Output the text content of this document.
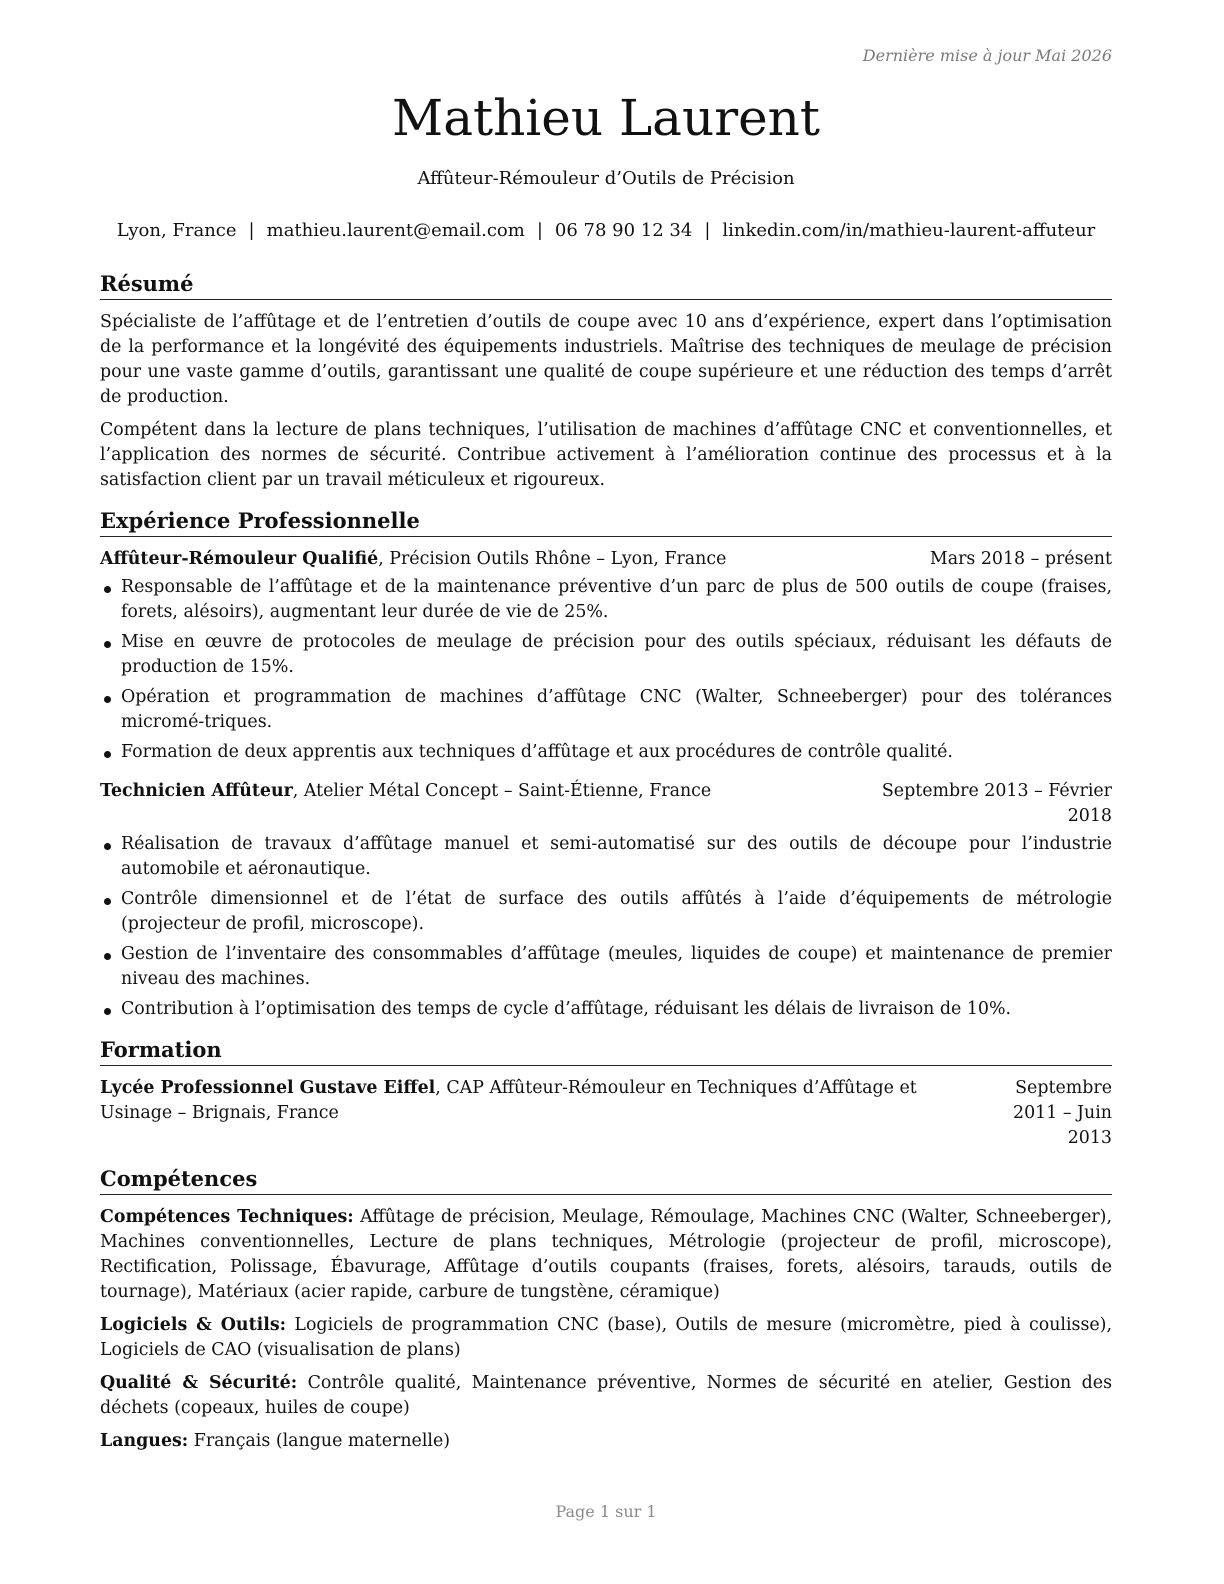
Dernière mise à jour Mai 2026
Mathieu Laurent
Affûteur-Rémouleur d’Outils de Précision
Lyon, France | mathieu.laurent@email.com | 06 78 90 12 34 | linkedin.com/in/mathieu-laurent-affuteur
Résumé

Spécialiste de l’affûtage et de l’entretien d’outils de coupe avec 10 ans d’expérience, expert dans l’optimisation de la performance et la longévité des équipements industriels. Maîtrise des techniques de meulage de précision pour une vaste gamme d’outils, garantissant une qualité de coupe supérieure et une réduction des temps d’arrêt de production.

Compétent dans la lecture de plans techniques, l’utilisation de machines d’affûtage CNC et conventionnelles, et l’application des normes de sécurité. Contribue activement à l’amélioration continue des processus et à la satisfaction client par un travail méticuleux et rigoureux.

Expérience Professionnelle
Affûteur-Rémouleur Qualifié, Précision Outils Rhône – Lyon, France	Mars 2018 – présent
Responsable de l’affûtage et de la maintenance préventive d’un parc de plus de 500 outils de coupe (fraises, forets, alésoirs), augmentant leur durée de vie de 25%.
Mise en œuvre de protocoles de meulage de précision pour des outils spéciaux, réduisant les défauts de production de 15%.
Opération et programmation de machines d’affûtage CNC (Walter, Schneeberger) pour des tolérances micromé-triques.
Formation de deux apprentis aux techniques d’affûtage et aux procédures de contrôle qualité.
Technicien Affûteur, Atelier Métal Concept – Saint-Étienne, France	Septembre 2013 – Février 2018
Réalisation de travaux d’affûtage manuel et semi-automatisé sur des outils de découpe pour l’industrie automobile et aéronautique.
Contrôle dimensionnel et de l’état de surface des outils affûtés à l’aide d’équipements de métrologie (projecteur de profil, microscope).
Gestion de l’inventaire des consommables d’affûtage (meules, liquides de coupe) et maintenance de premier niveau des machines.
Contribution à l’optimisation des temps de cycle d’affûtage, réduisant les délais de livraison de 10%.
Formation
Lycée Professionnel Gustave Eiffel, CAP Affûteur-Rémouleur en Techniques d’Affûtage et Usinage – Brignais, France
Septembre 2011 – Juin 2013
Compétences
Compétences Techniques: Affûtage de précision, Meulage, Rémoulage, Machines CNC (Walter, Schneeberger), Machines conventionnelles, Lecture de plans techniques, Métrologie (projecteur de profil, microscope), Rectification, Polissage, Ébavurage, Affûtage d’outils coupants (fraises, forets, alésoirs, tarauds, outils de tournage), Matériaux (acier rapide, carbure de tungstène, céramique)
Logiciels & Outils: Logiciels de programmation CNC (base), Outils de mesure (micromètre, pied à coulisse), Logiciels de CAO (visualisation de plans)
Qualité & Sécurité: Contrôle qualité, Maintenance préventive, Normes de sécurité en atelier, Gestion des déchets (copeaux, huiles de coupe)
Langues: Français (langue maternelle)
Page 1 sur 1
